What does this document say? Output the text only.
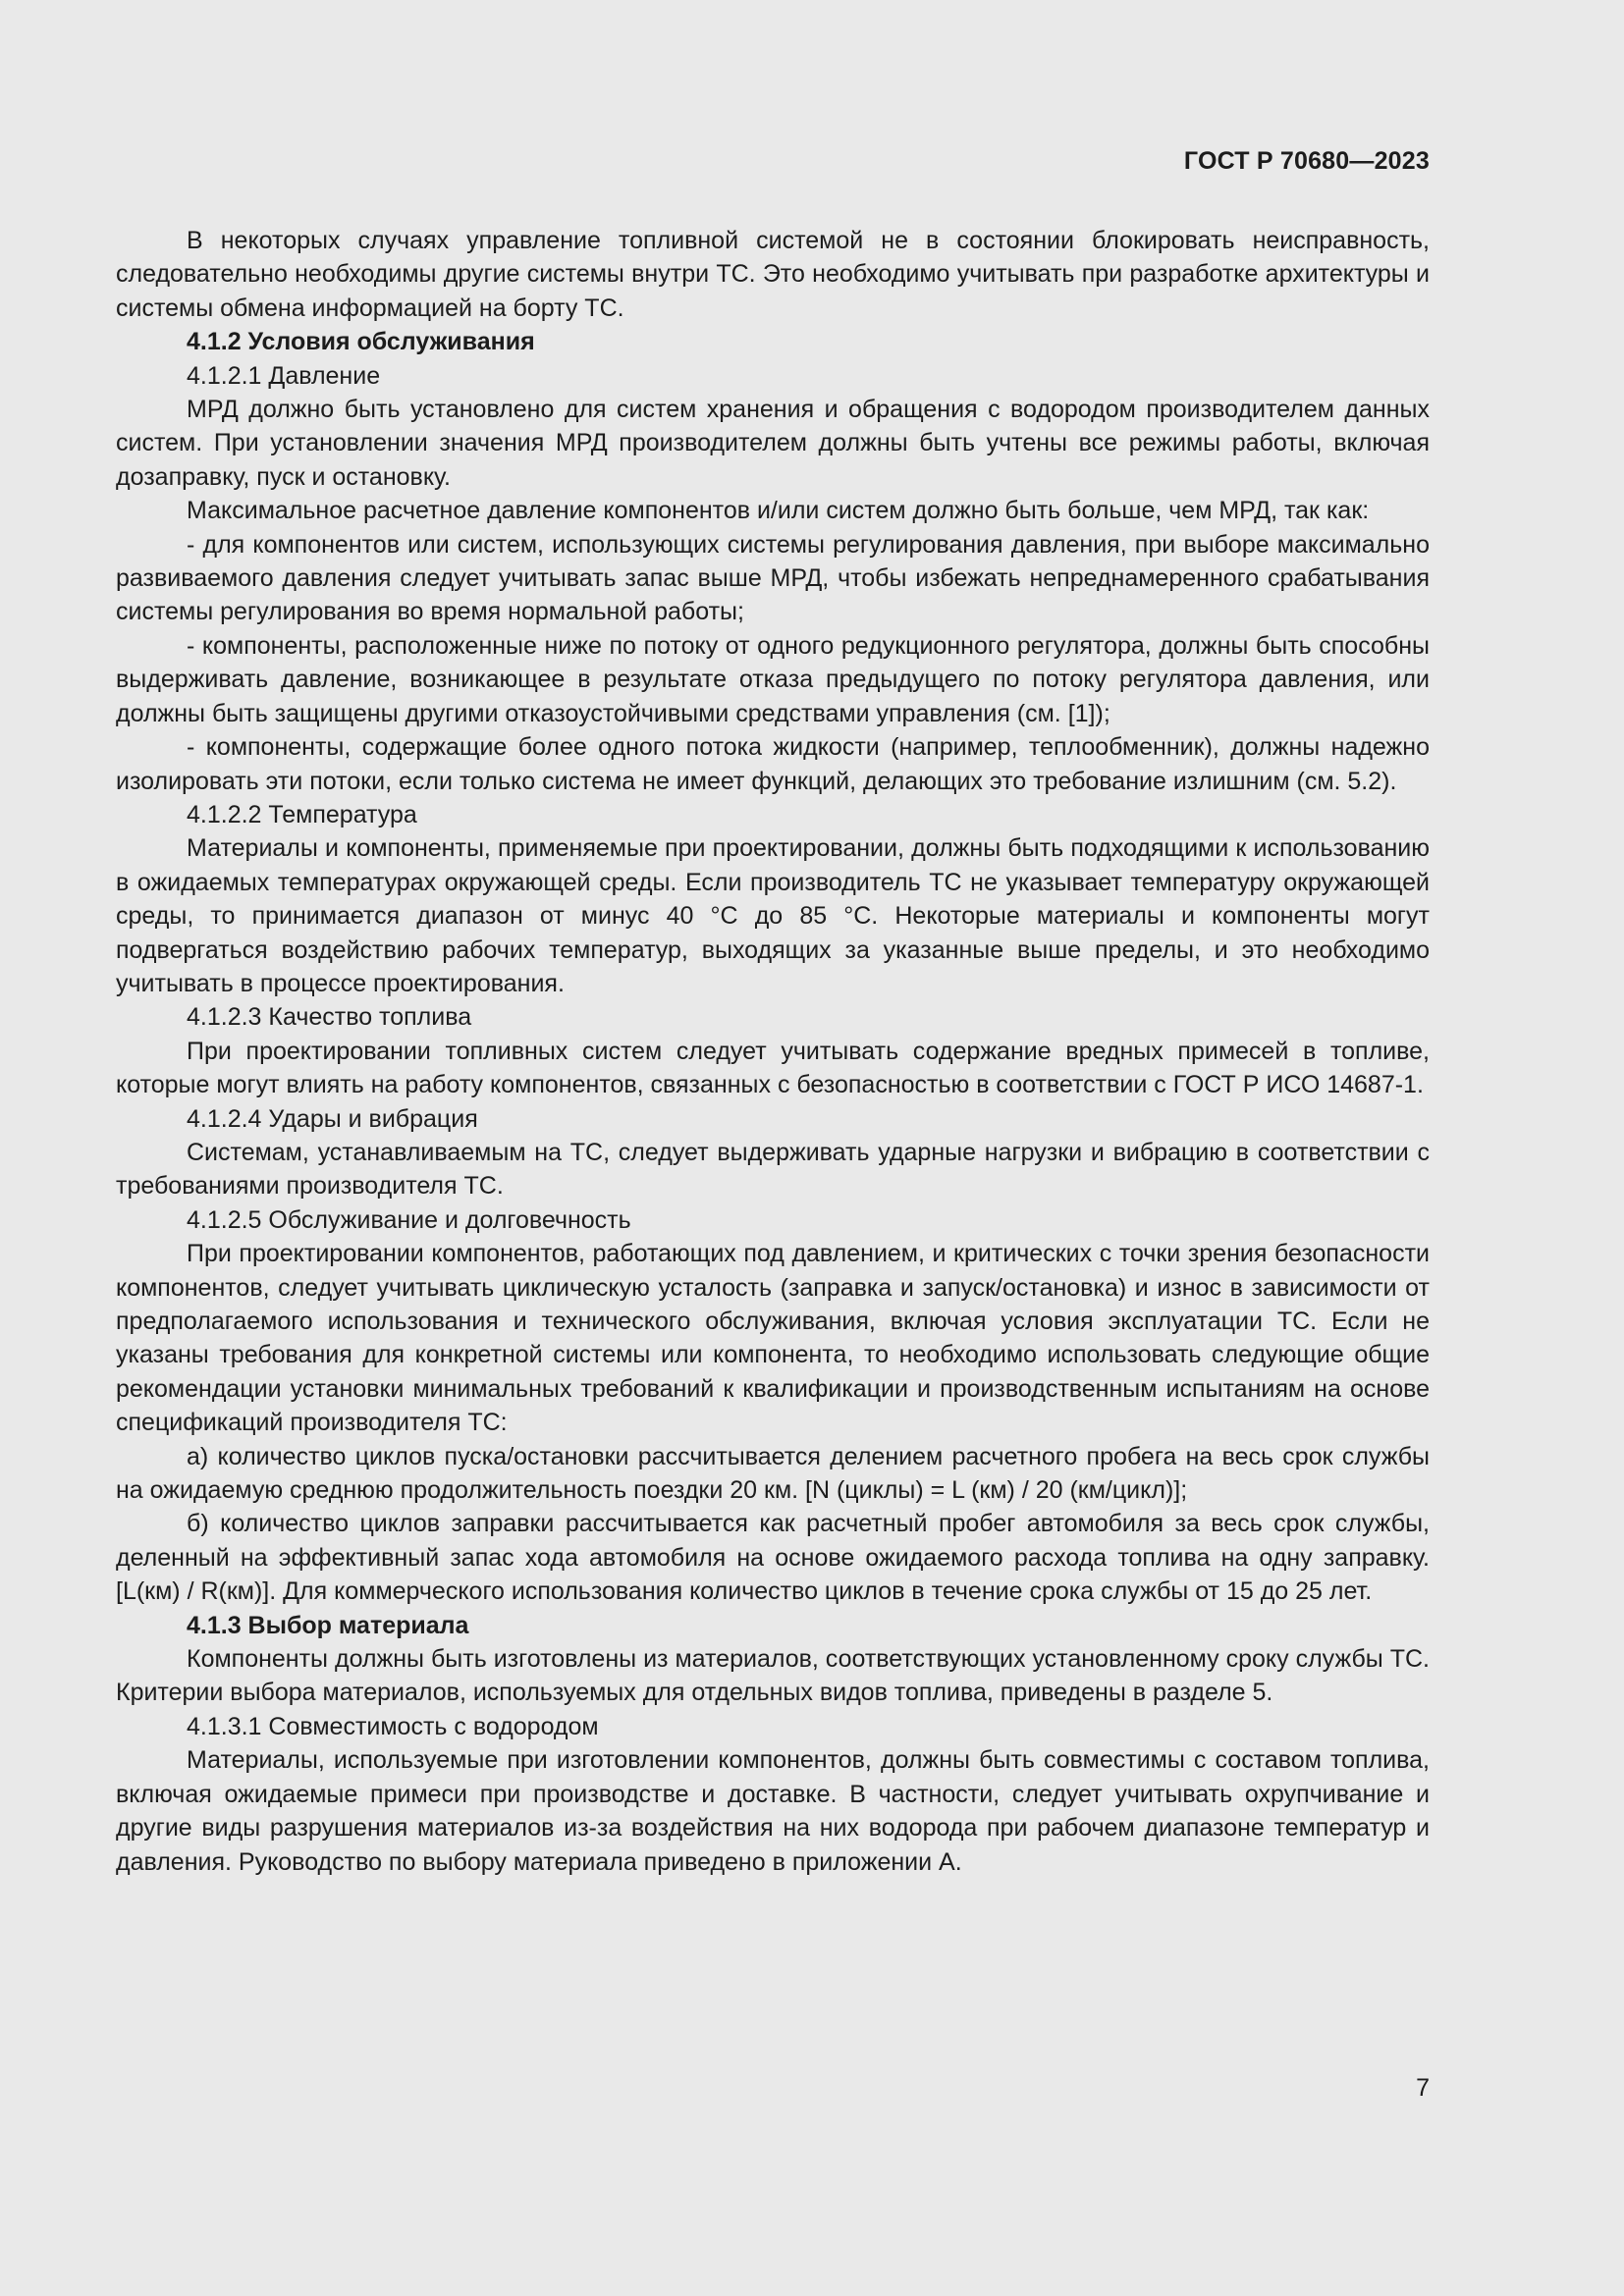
ГОСТ Р 70680—2023

В некоторых случаях управление топливной системой не в состоянии блокировать неисправность, следовательно необходимы другие системы внутри ТС. Это необходимо учитывать при разработке архитектуры и системы обмена информацией на борту ТС.

4.1.2 Условия обслуживания

4.1.2.1 Давление

МРД должно быть установлено для систем хранения и обращения с водородом производителем данных систем. При установлении значения МРД производителем должны быть учтены все режимы работы, включая дозаправку, пуск и остановку.

Максимальное расчетное давление компонентов и/или систем должно быть больше, чем МРД, так как:

- для компонентов или систем, использующих системы регулирования давления, при выборе максимально развиваемого давления следует учитывать запас выше МРД, чтобы избежать непреднамеренного срабатывания системы регулирования во время нормальной работы;

- компоненты, расположенные ниже по потоку от одного редукционного регулятора, должны быть способны выдерживать давление, возникающее в результате отказа предыдущего по потоку регулятора давления, или должны быть защищены другими отказоустойчивыми средствами управления (см. [1]);

- компоненты, содержащие более одного потока жидкости (например, теплообменник), должны надежно изолировать эти потоки, если только система не имеет функций, делающих это требование излишним (см. 5.2).

4.1.2.2 Температура

Материалы и компоненты, применяемые при проектировании, должны быть подходящими к использованию в ожидаемых температурах окружающей среды. Если производитель ТС не указывает температуру окружающей среды, то принимается диапазон от минус 40 °С до 85 °С. Некоторые материалы и компоненты могут подвергаться воздействию рабочих температур, выходящих за указанные выше пределы, и это необходимо учитывать в процессе проектирования.

4.1.2.3 Качество топлива

При проектировании топливных систем следует учитывать содержание вредных примесей в топливе, которые могут влиять на работу компонентов, связанных с безопасностью в соответствии с ГОСТ Р ИСО 14687-1.

4.1.2.4 Удары и вибрация

Системам, устанавливаемым на ТС, следует выдерживать ударные нагрузки и вибрацию в соответствии с требованиями производителя ТС.

4.1.2.5 Обслуживание и долговечность

При проектировании компонентов, работающих под давлением, и критических с точки зрения безопасности компонентов, следует учитывать циклическую усталость (заправка и запуск/остановка) и износ в зависимости от предполагаемого использования и технического обслуживания, включая условия эксплуатации ТС. Если не указаны требования для конкретной системы или компонента, то необходимо использовать следующие общие рекомендации установки минимальных требований к квалификации и производственным испытаниям на основе спецификаций производителя ТС:

а) количество циклов пуска/остановки рассчитывается делением расчетного пробега на весь срок службы на ожидаемую среднюю продолжительность поездки 20 км. [N (циклы) = L (км) / 20 (км/цикл)];

б) количество циклов заправки рассчитывается как расчетный пробег автомобиля за весь срок службы, деленный на эффективный запас хода автомобиля на основе ожидаемого расхода топлива на одну заправку. [L(км) / R(км)]. Для коммерческого использования количество циклов в течение срока службы от 15 до 25 лет.

4.1.3 Выбор материала

Компоненты должны быть изготовлены из материалов, соответствующих установленному сроку службы ТС. Критерии выбора материалов, используемых для отдельных видов топлива, приведены в разделе 5.

4.1.3.1 Совместимость с водородом

Материалы, используемые при изготовлении компонентов, должны быть совместимы с составом топлива, включая ожидаемые примеси при производстве и доставке. В частности, следует учитывать охрупчивание и другие виды разрушения материалов из-за воздействия на них водорода при рабочем диапазоне температур и давления. Руководство по выбору материала приведено в приложении А.

7
